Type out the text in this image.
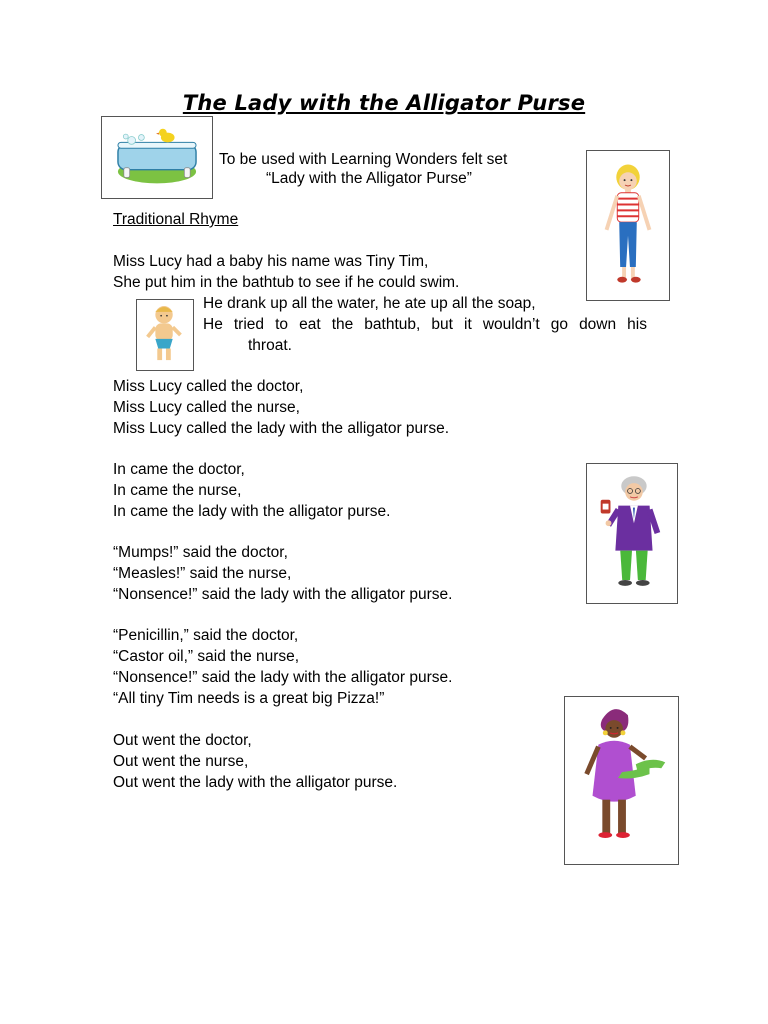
The Lady with the Alligator Purse
To be used with Learning Wonders felt set
“Lady with the Alligator Purse”
Traditional Rhyme
Miss Lucy had a baby his name was Tiny Tim,
She put him in the bathtub to see if he could swim.
He drank up all the water, he ate up all the soap,
He tried to eat the bathtub, but it wouldn’t go down his
throat.
Miss Lucy called the doctor,
Miss Lucy called the nurse,
Miss Lucy called the lady with the alligator purse.
In came the doctor,
In came the nurse,
In came the lady with the alligator purse.
“Mumps!” said the doctor,
“Measles!” said the nurse,
“Nonsence!” said the lady with the alligator purse.
“Penicillin,” said the doctor,
“Castor oil,” said the nurse,
“Nonsence!” said the lady with the alligator purse.
“All tiny Tim needs is a great big Pizza!”
Out went the doctor,
Out went the nurse,
Out went the lady with the alligator purse.
